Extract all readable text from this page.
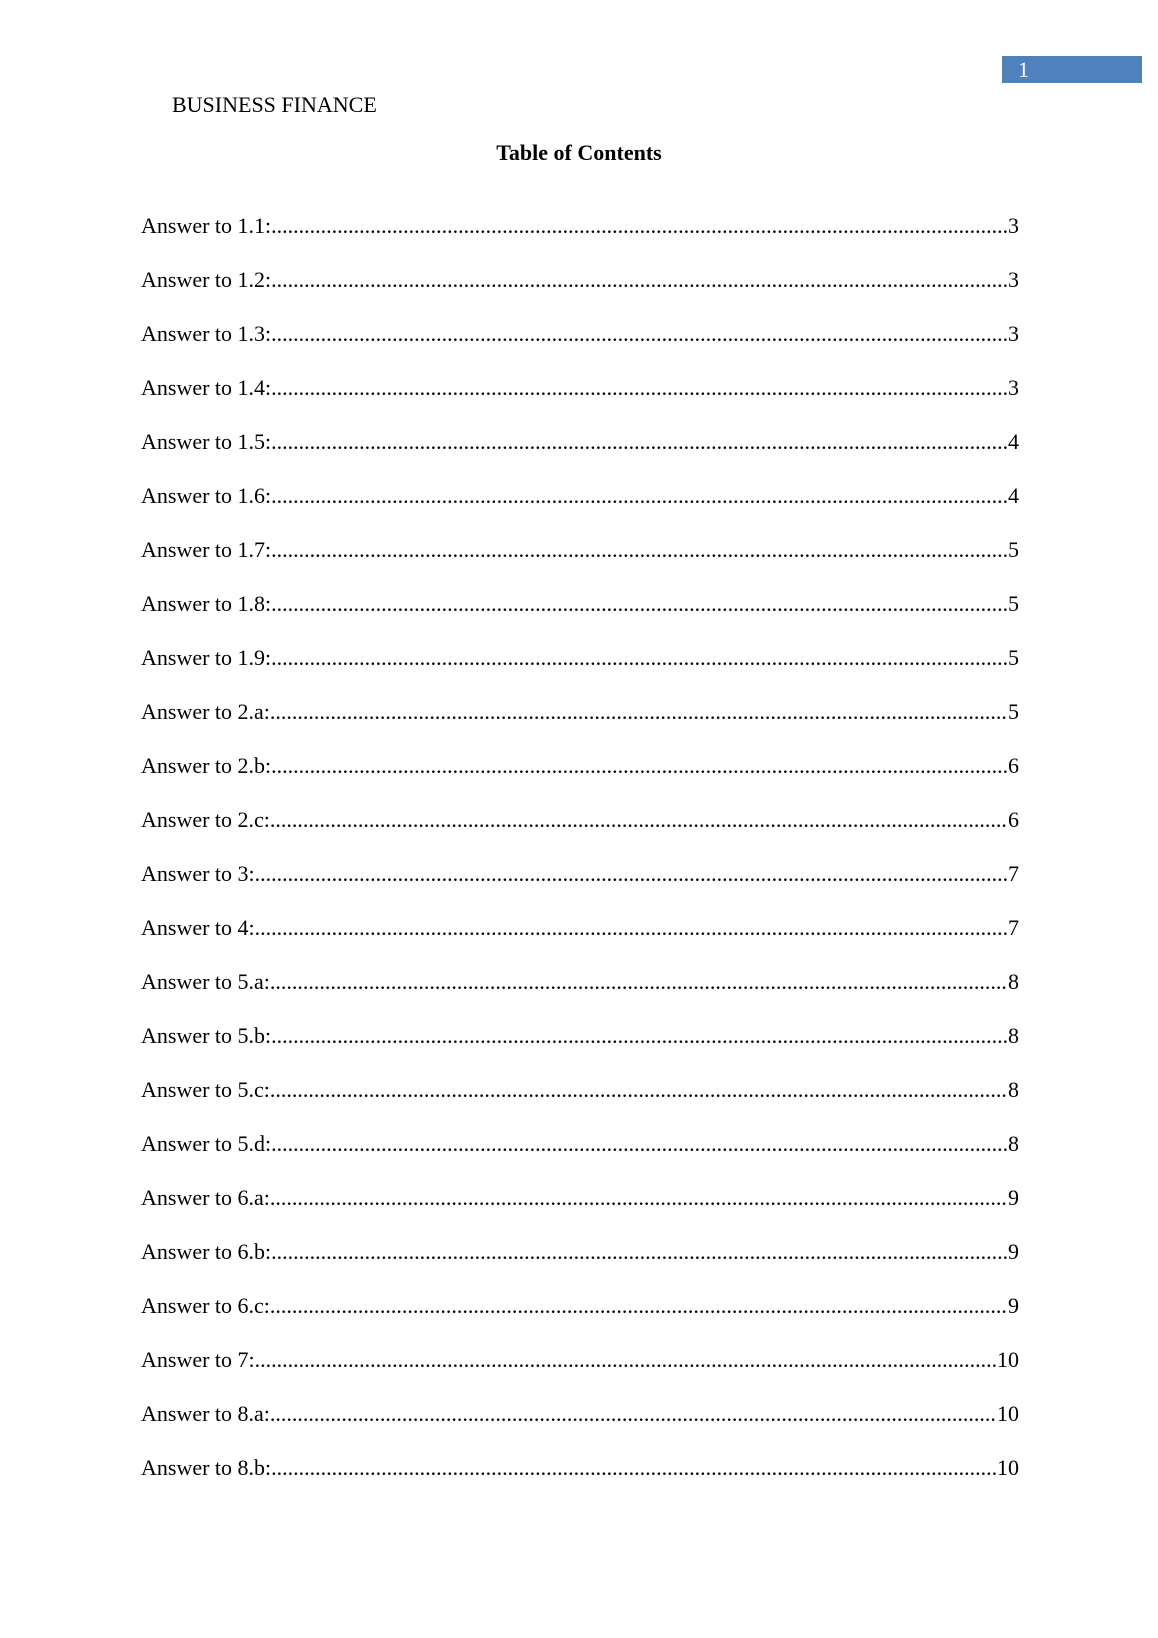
1
BUSINESS FINANCE
Table of Contents
Answer to 1.1: .....	3
Answer to 1.2: .....	3
Answer to 1.3: .....	3
Answer to 1.4: .....	3
Answer to 1.5: .....	4
Answer to 1.6: .....	4
Answer to 1.7: .....	5
Answer to 1.8: .....	5
Answer to 1.9: .....	5
Answer to 2.a: .....	5
Answer to 2.b: .....	6
Answer to 2.c: .....	6
Answer to 3: .....	7
Answer to 4: .....	7
Answer to 5.a: .....	8
Answer to 5.b: .....	8
Answer to 5.c: .....	8
Answer to 5.d: .....	8
Answer to 6.a: .....	9
Answer to 6.b: .....	9
Answer to 6.c: .....	9
Answer to 7: .....	10
Answer to 8.a: .....	10
Answer to 8.b: .....	10
